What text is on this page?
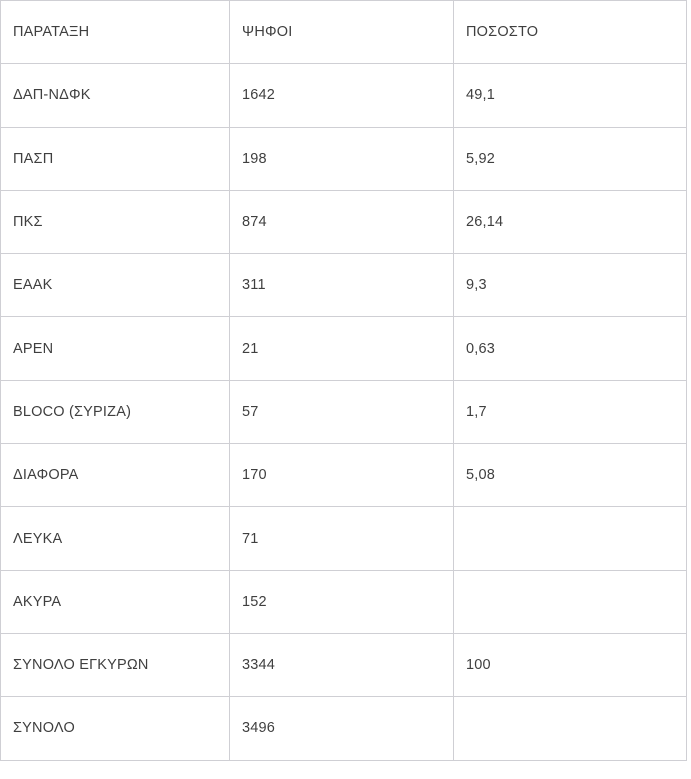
ΠΑΡΑΤΑΞΗ	ΨΗΦΟΙ	ΠΟΣΟΣΤΟ
ΔΑΠ-ΝΔΦΚ	1642	49,1
ΠΑΣΠ	198	5,92
ΠΚΣ	874	26,14
ΕΑΑΚ	311	9,3
ΑΡΕΝ	21	0,63
BLOCO (ΣΥΡΙΖΑ)	57	1,7
ΔΙΑΦΟΡΑ	170	5,08
ΛΕΥΚΑ	71	
ΑΚΥΡΑ	152	
ΣΥΝΟΛΟ ΕΓΚΥΡΩΝ	3344	100
ΣΥΝΟΛΟ	3496	
